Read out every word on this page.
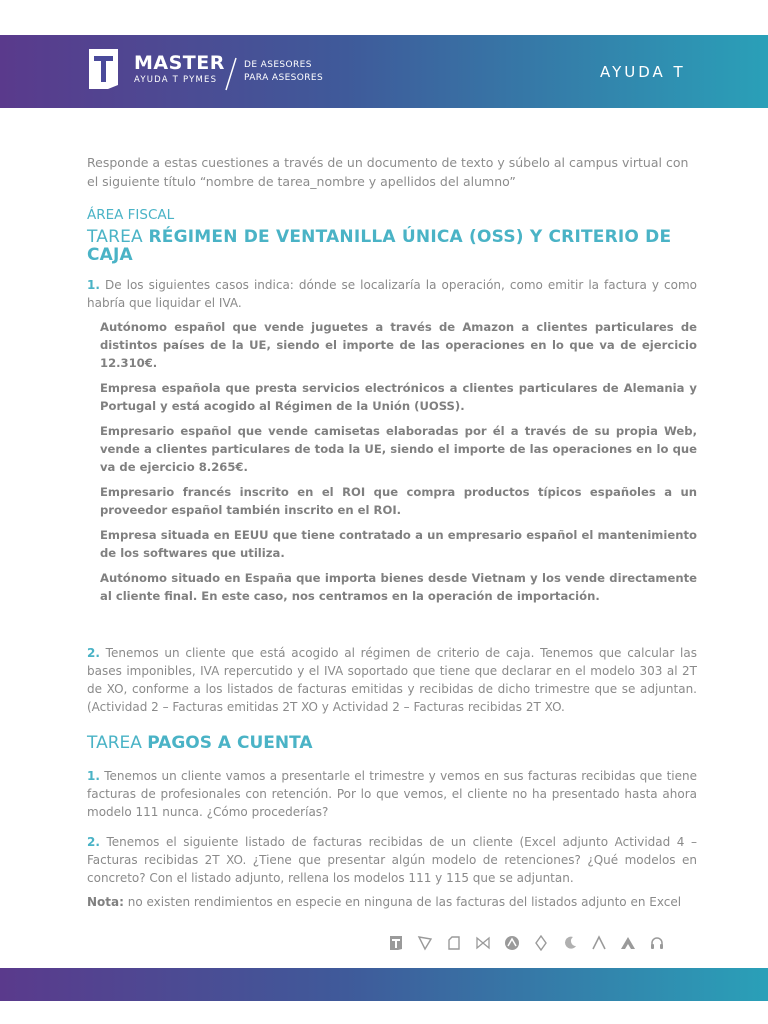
MASTER
AYUDA T PYMES
DE ASESORES
PARA ASESORES	AYUDA T

Responde a estas cuestiones a través de un documento de texto y súbelo al campus virtual con el siguiente título “nombre de tarea_nombre y apellidos del alumno”

ÁREA FISCAL
TAREA RÉGIMEN DE VENTANILLA ÚNICA (OSS) Y CRITERIO DE CAJA

1. De los siguientes casos indica: dónde se localizaría la operación, como emitir la factura y como habría que liquidar el IVA.

Autónomo español que vende juguetes a través de Amazon a clientes particulares de distintos países de la UE, siendo el importe de las operaciones en lo que va de ejercicio 12.310€.
Empresa española que presta servicios electrónicos a clientes particulares de Alemania y Portugal y está acogido al Régimen de la Unión (UOSS).
Empresario español que vende camisetas elaboradas por él a través de su propia Web, vende a clientes particulares de toda la UE, siendo el importe de las operaciones en lo que va de ejercicio 8.265€.
Empresario francés inscrito en el ROI que compra productos típicos españoles a un proveedor español también inscrito en el ROI.
Empresa situada en EEUU que tiene contratado a un empresario español el mantenimiento de los softwares que utiliza.
Autónomo situado en España que importa bienes desde Vietnam y los vende directamente al cliente final. En este caso, nos centramos en la operación de importación.

2. Tenemos un cliente que está acogido al régimen de criterio de caja. Tenemos que calcular las bases imponibles, IVA repercutido y el IVA soportado que tiene que declarar en el modelo 303 al 2T de XO, conforme a los listados de facturas emitidas y recibidas de dicho trimestre que se adjuntan. (Actividad 2 – Facturas emitidas 2T XO y Actividad 2 – Facturas recibidas 2T XO.

TAREA PAGOS A CUENTA

1. Tenemos un cliente vamos a presentarle el trimestre y vemos en sus facturas recibidas que tiene facturas de profesionales con retención. Por lo que vemos, el cliente no ha presentado hasta ahora modelo 111 nunca. ¿Cómo procederías?

2. Tenemos el siguiente listado de facturas recibidas de un cliente (Excel adjunto Actividad 4 – Facturas recibidas 2T XO. ¿Tiene que presentar algún modelo de retenciones? ¿Qué modelos en concreto? Con el listado adjunto, rellena los modelos 111 y 115 que se adjuntan.

Nota: no existen rendimientos en especie en ninguna de las facturas del listados adjunto en Excel
